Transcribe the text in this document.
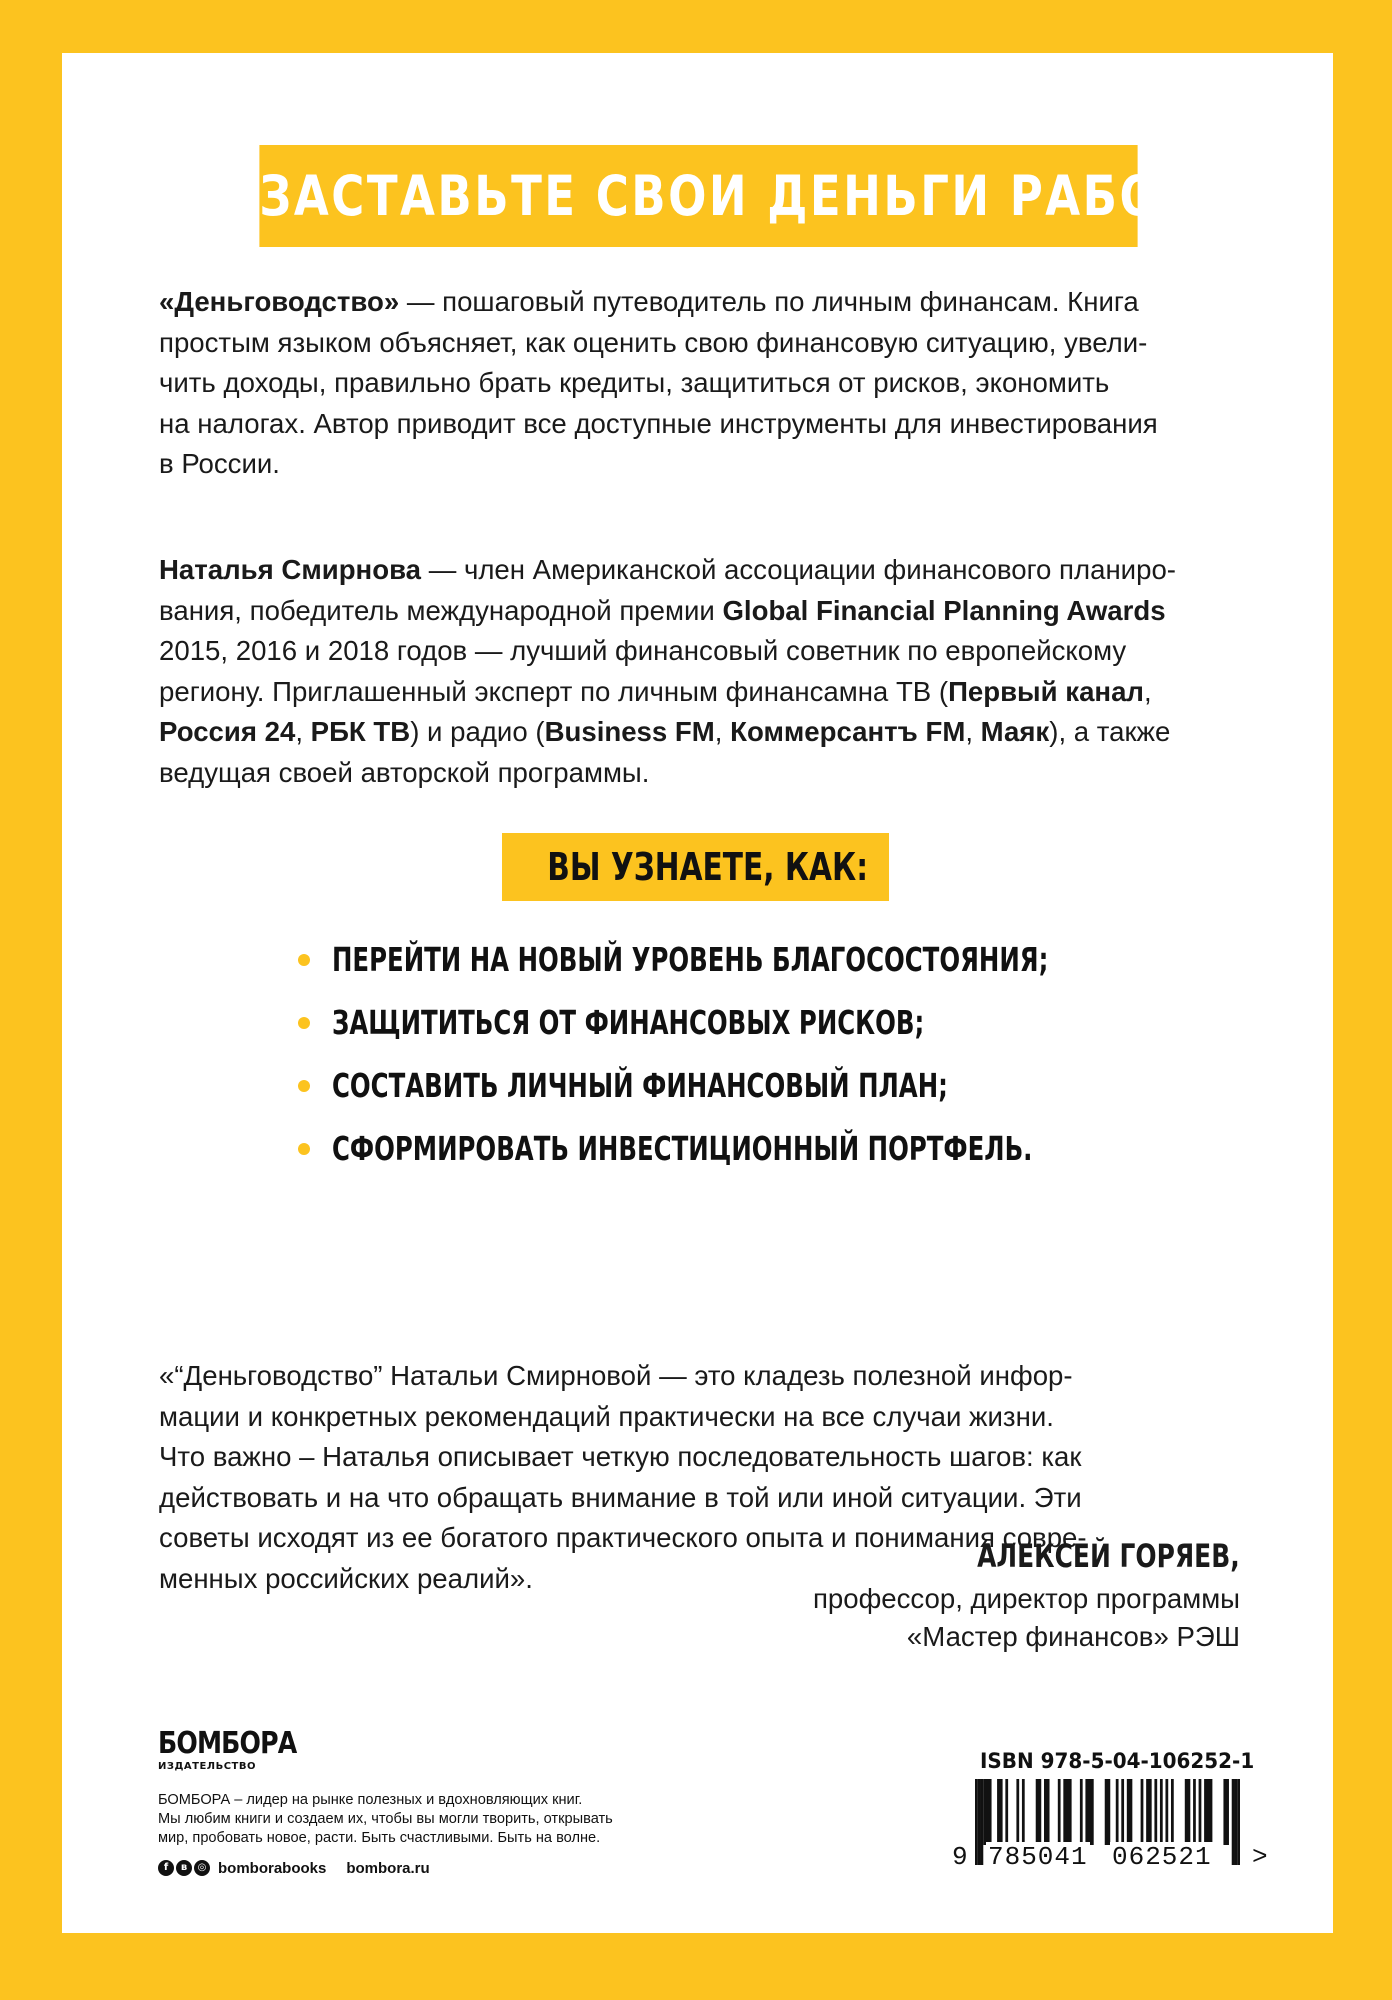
ЗАСТАВЬТЕ СВОИ ДЕНЬГИ РАБОТАТЬ!

«Деньговодство» — пошаговый путеводитель по личным финансам. Книга
простым языком объясняет, как оценить свою финансовую ситуацию, увели-
чить доходы, правильно брать кредиты, защититься от рисков, экономить
на налогах. Автор приводит все доступные инструменты для инвестирования
в России.

Наталья Смирнова — член Американской ассоциации финансового планиро-
вания, победитель международной премии Global Financial Planning Awards
2015, 2016 и 2018 годов — лучший финансовый советник по европейскому
региону. Приглашенный эксперт по личным финансамна ТВ (Первый канал,
Россия 24, РБК ТВ) и радио (Business FM, Коммерсантъ FM, Маяк), а также
ведущая своей авторской программы.

ВЫ УЗНАЕТЕ, КАК:
ПЕРЕЙТИ НА НОВЫЙ УРОВЕНЬ БЛАГОСОСТОЯНИЯ;
ЗАЩИТИТЬСЯ ОТ ФИНАНСОВЫХ РИСКОВ;
СОСТАВИТЬ ЛИЧНЫЙ ФИНАНСОВЫЙ ПЛАН;
СФОРМИРОВАТЬ ИНВЕСТИЦИОННЫЙ ПОРТФЕЛЬ.

«“Деньговодство” Натальи Смирновой — это кладезь полезной инфор-
мации и конкретных рекомендаций практически на все случаи жизни.
Что важно – Наталья описывает четкую последовательность шагов: как
действовать и на что обращать внимание в той или иной ситуации. Эти
советы исходят из ее богатого практического опыта и понимания совре-
менных российских реалий».

АЛЕКСЕЙ ГОРЯЕВ,
профессор, директор программы
«Мастер финансов» РЭШ
БОМБОРА
ИЗДАТЕЛЬСТВО
БОМБОРА – лидер на рынке полезных и вдохновляющих книг.
Мы любим книги и создаем их, чтобы вы могли творить, открывать
мир, пробовать новое, расти. Быть счастливыми. Быть на волне.
f	в	◎ bomborabooks bombora.ru
ISBN 978-5-04-106252-1
9 785041 062521 >
